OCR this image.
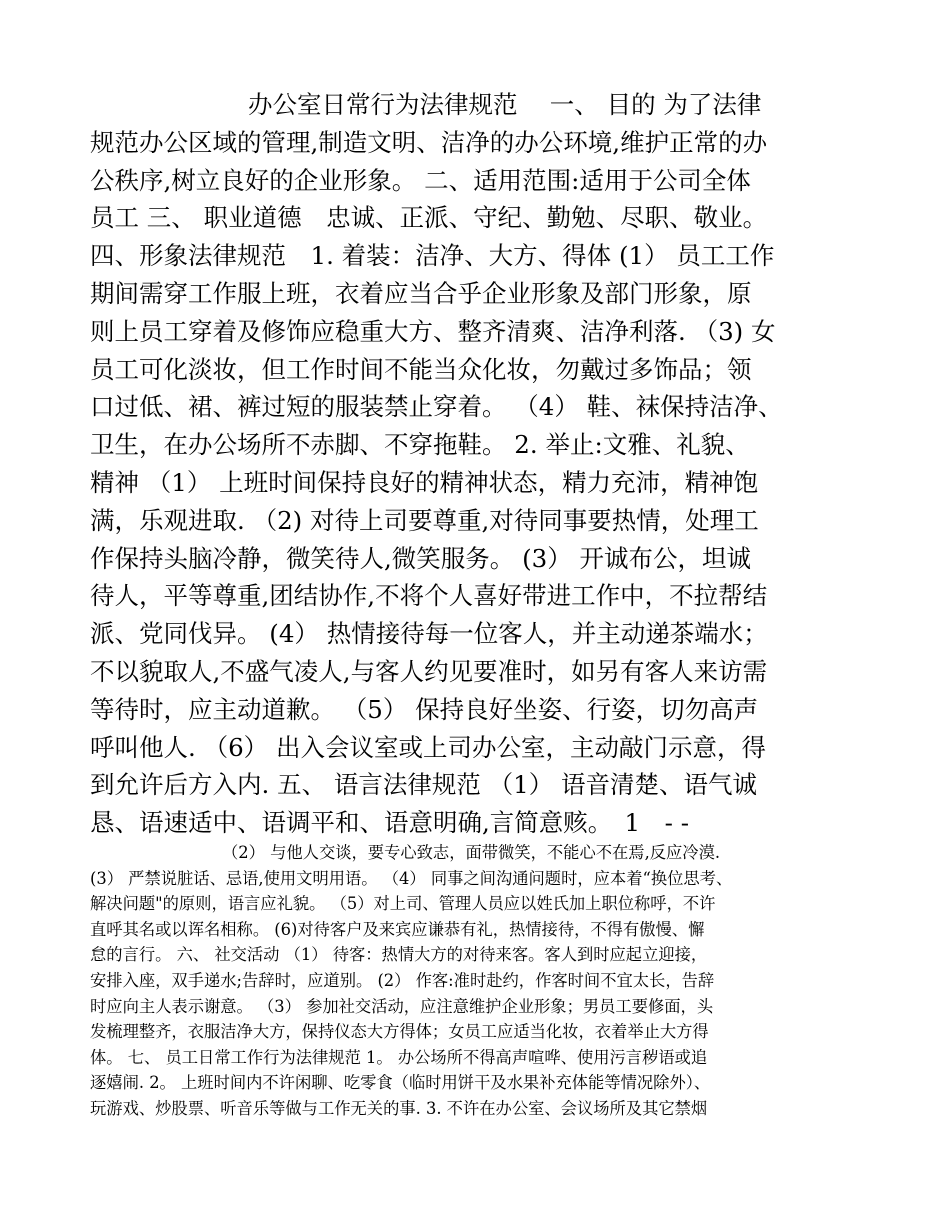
办公室日常行为法律规范　 一、 目的 为了法律
规范办公区域的管理,制造文明、洁净的办公环境,维护正常的办
公秩序,树立良好的企业形象。 二、适用范围:适用于公司全体
员工 三、 职业道德　忠诚、正派、守纪、勤勉、尽职、敬业。
四、形象法律规范　1. 着装：洁净、大方、得体 (1） 员工工作
期间需穿工作服上班，衣着应当合乎企业形象及部门形象，原
则上员工穿着及修饰应稳重大方、整齐清爽、洁净利落. （3) 女
员工可化淡妆，但工作时间不能当众化妆，勿戴过多饰品；领
口过低、裙、裤过短的服装禁止穿着。 （4） 鞋、袜保持洁净、
卫生，在办公场所不赤脚、不穿拖鞋。 2. 举止:文雅、礼貌、
精神 （1） 上班时间保持良好的精神状态，精力充沛，精神饱
满，乐观进取. （2) 对待上司要尊重,对待同事要热情，处理工
作保持头脑冷静，微笑待人,微笑服务。 (3） 开诚布公，坦诚
待人，平等尊重,团结协作,不将个人喜好带进工作中，不拉帮结
派、党同伐异。 (4） 热情接待每一位客人，并主动递茶端水；
不以貌取人,不盛气凌人,与客人约见要准时，如另有客人来访需
等待时，应主动道歉。 （5） 保持良好坐姿、行姿，切勿高声
呼叫他人. （6） 出入会议室或上司办公室，主动敲门示意，得
到允许后方入内. 五、 语言法律规范 （1） 语音清楚、语气诚
恳、语速适中、语调平和、语意明确,言简意赅。　1　- -
（2） 与他人交谈，要专心致志，面带微笑，不能心不在焉,反应冷漠.
(3） 严禁说脏话、忌语,使用文明用语。 （4） 同事之间沟通问题时，应本着“换位思考、
解决问题"的原则，语言应礼貌。 （5）对上司、管理人员应以姓氏加上职位称呼，不许
直呼其名或以诨名相称。 (6)对待客户及来宾应谦恭有礼，热情接待，不得有傲慢、懈
怠的言行。 六、 社交活动 （1） 待客：热情大方的对待来客。客人到时应起立迎接，
安排入座，双手递水;告辞时，应道别。 (2） 作客:准时赴约，作客时间不宜太长，告辞
时应向主人表示谢意。 （3） 参加社交活动，应注意维护企业形象；男员工要修面，头
发梳理整齐，衣服洁净大方，保持仪态大方得体；女员工应适当化妆，衣着举止大方得
体。 七、 员工日常工作行为法律规范 1。 办公场所不得高声喧哗、使用污言秽语或追
逐嬉闹. 2。 上班时间内不许闲聊、吃零食（临时用饼干及水果补充体能等情况除外）、
玩游戏、炒股票、听音乐等做与工作无关的事. 3. 不许在办公室、会议场所及其它禁烟
